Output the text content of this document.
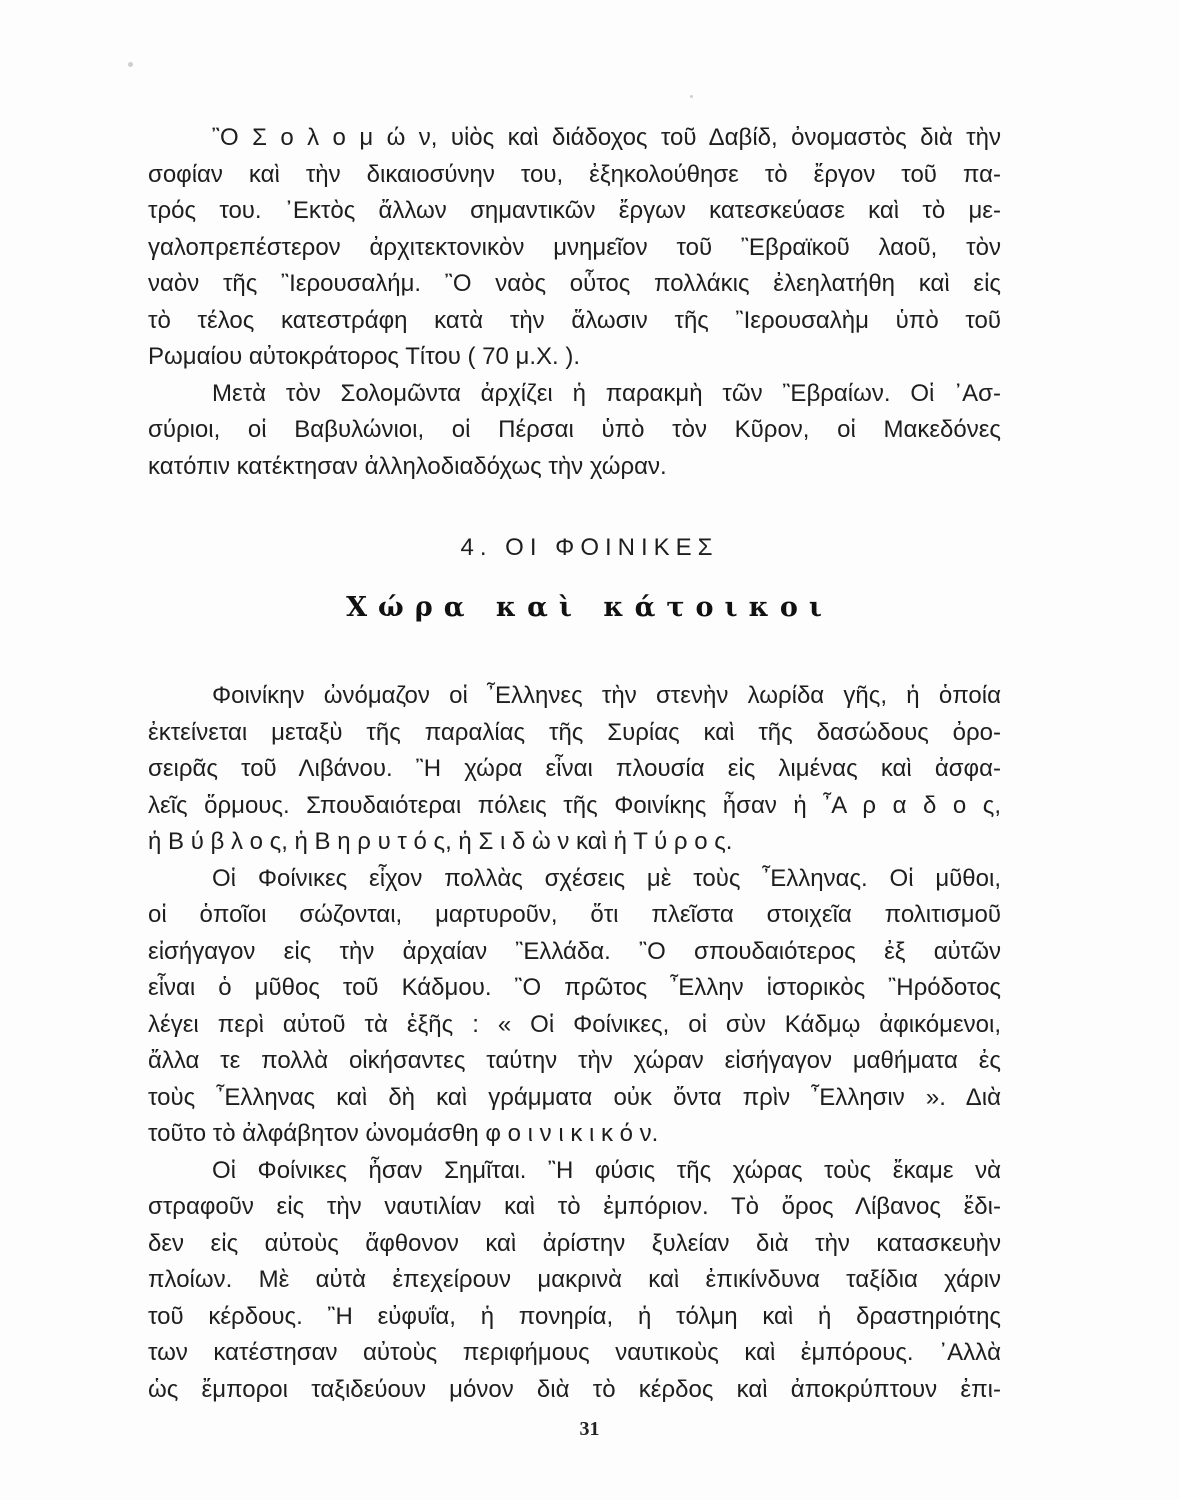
῍Ο Σ ο λ ο μ ώ ν, υἱὸς καὶ διάδοχος τοῦ Δαβίδ, ὀνομαστὸς διὰ τὴν
σοφίαν καὶ τὴν δικαιοσύνην του, ἐξηκολούθησε τὸ ἔργον τοῦ πα-
τρός του. ᾿Εκτὸς ἄλλων σημαντικῶν ἔργων κατεσκεύασε καὶ τὸ με-
γαλοπρεπέστερον ἀρχιτεκτονικὸν μνημεῖον τοῦ ῍Εβραϊκοῦ λαοῦ, τὸν
ναὸν τῆς ῍Ιερουσαλήμ. ῍Ο ναὸς οὗτος πολλάκις ἐλεηλατήθη καὶ εἰς
τὸ τέλος κατεστράφη κατὰ τὴν ἅλωσιν τῆς ῍Ιερουσαλὴμ ὑπὸ τοῦ
Ρωμαίου αὐτοκράτορος Τίτου ( 70 μ.Χ. ).
Μετὰ τὸν Σολομῶντα ἀρχίζει ἡ παρακμὴ τῶν ῍Εβραίων. Οἱ ᾿Ασ-
σύριοι, οἱ Βαβυλώνιοι, οἱ Πέρσαι ὑπὸ τὸν Κῦρον, οἱ Μακεδόνες
κατόπιν κατέκτησαν ἀλληλοδιαδόχως τὴν χώραν.
4. ΟΙ ΦΟΙΝΙΚΕΣ
Χώρα καὶ κάτοικοι
Φοινίκην ὠνόμαζον οἱ ῏Ελληνες τὴν στενὴν λωρίδα γῆς, ἡ ὁποία
ἐκτείνεται μεταξὺ τῆς παραλίας τῆς Συρίας καὶ τῆς δασώδους ὀρο-
σειρᾶς τοῦ Λιβάνου. ῍Η χώρα εἶναι πλουσία εἰς λιμένας καὶ ἀσφα-
λεῖς ὅρμους. Σπουδαιότεραι πόλεις τῆς Φοινίκης ἦσαν ἡ ῏Α ρ α δ ο ς,
ἡ Β ύ β λ ο ς, ἡ Β η ρ υ τ ό ς, ἡ Σ ι δ ὼ ν καὶ ἡ Τ ύ ρ ο ς.
Οἱ Φοίνικες εἶχον πολλὰς σχέσεις μὲ τοὺς ῏Ελληνας. Οἱ μῦθοι,
οἱ ὁποῖοι σώζονται, μαρτυροῦν, ὅτι πλεῖστα στοιχεῖα πολιτισμοῦ
εἰσήγαγον εἰς τὴν ἀρχαίαν ῍Ελλάδα. ῍Ο σπουδαιότερος ἐξ αὐτῶν
εἶναι ὁ μῦθος τοῦ Κάδμου. ῍Ο πρῶτος ῏Ελλην ἱστορικὸς ῍Ηρόδοτος
λέγει περὶ αὐτοῦ τὰ ἑξῆς : « Οἱ Φοίνικες, οἱ σὺν Κάδμῳ ἀφικόμενοι,
ἄλλα τε πολλὰ οἰκήσαντες ταύτην τὴν χώραν εἰσήγαγον μαθήματα ἐς
τοὺς ῏Ελληνας καὶ δὴ καὶ γράμματα οὐκ ὄντα πρὶν ῏Ελλησιν ». Διὰ
τοῦτο τὸ ἀλφάβητον ὠνομάσθη φ ο ι ν ι κ ι κ ό ν.
Οἱ Φοίνικες ἦσαν Σημῖται. ῍Η φύσις τῆς χώρας τοὺς ἔκαμε νὰ
στραφοῦν εἰς τὴν ναυτιλίαν καὶ τὸ ἐμπόριον. Τὸ ὄρος Λίβανος ἔδι-
δεν εἰς αὐτοὺς ἄφθονον καὶ ἀρίστην ξυλείαν διὰ τὴν κατασκευὴν
πλοίων. Μὲ αὐτὰ ἐπεχείρουν μακρινὰ καὶ ἐπικίνδυνα ταξίδια χάριν
τοῦ κέρδους. ῍Η εὐφυΐα, ἡ πονηρία, ἡ τόλμη καὶ ἡ δραστηριότης
των κατέστησαν αὐτοὺς περιφήμους ναυτικοὺς καὶ ἐμπόρους. ᾿Αλλὰ
ὡς ἔμποροι ταξιδεύουν μόνον διὰ τὸ κέρδος καὶ ἀποκρύπτουν ἐπι-
31
